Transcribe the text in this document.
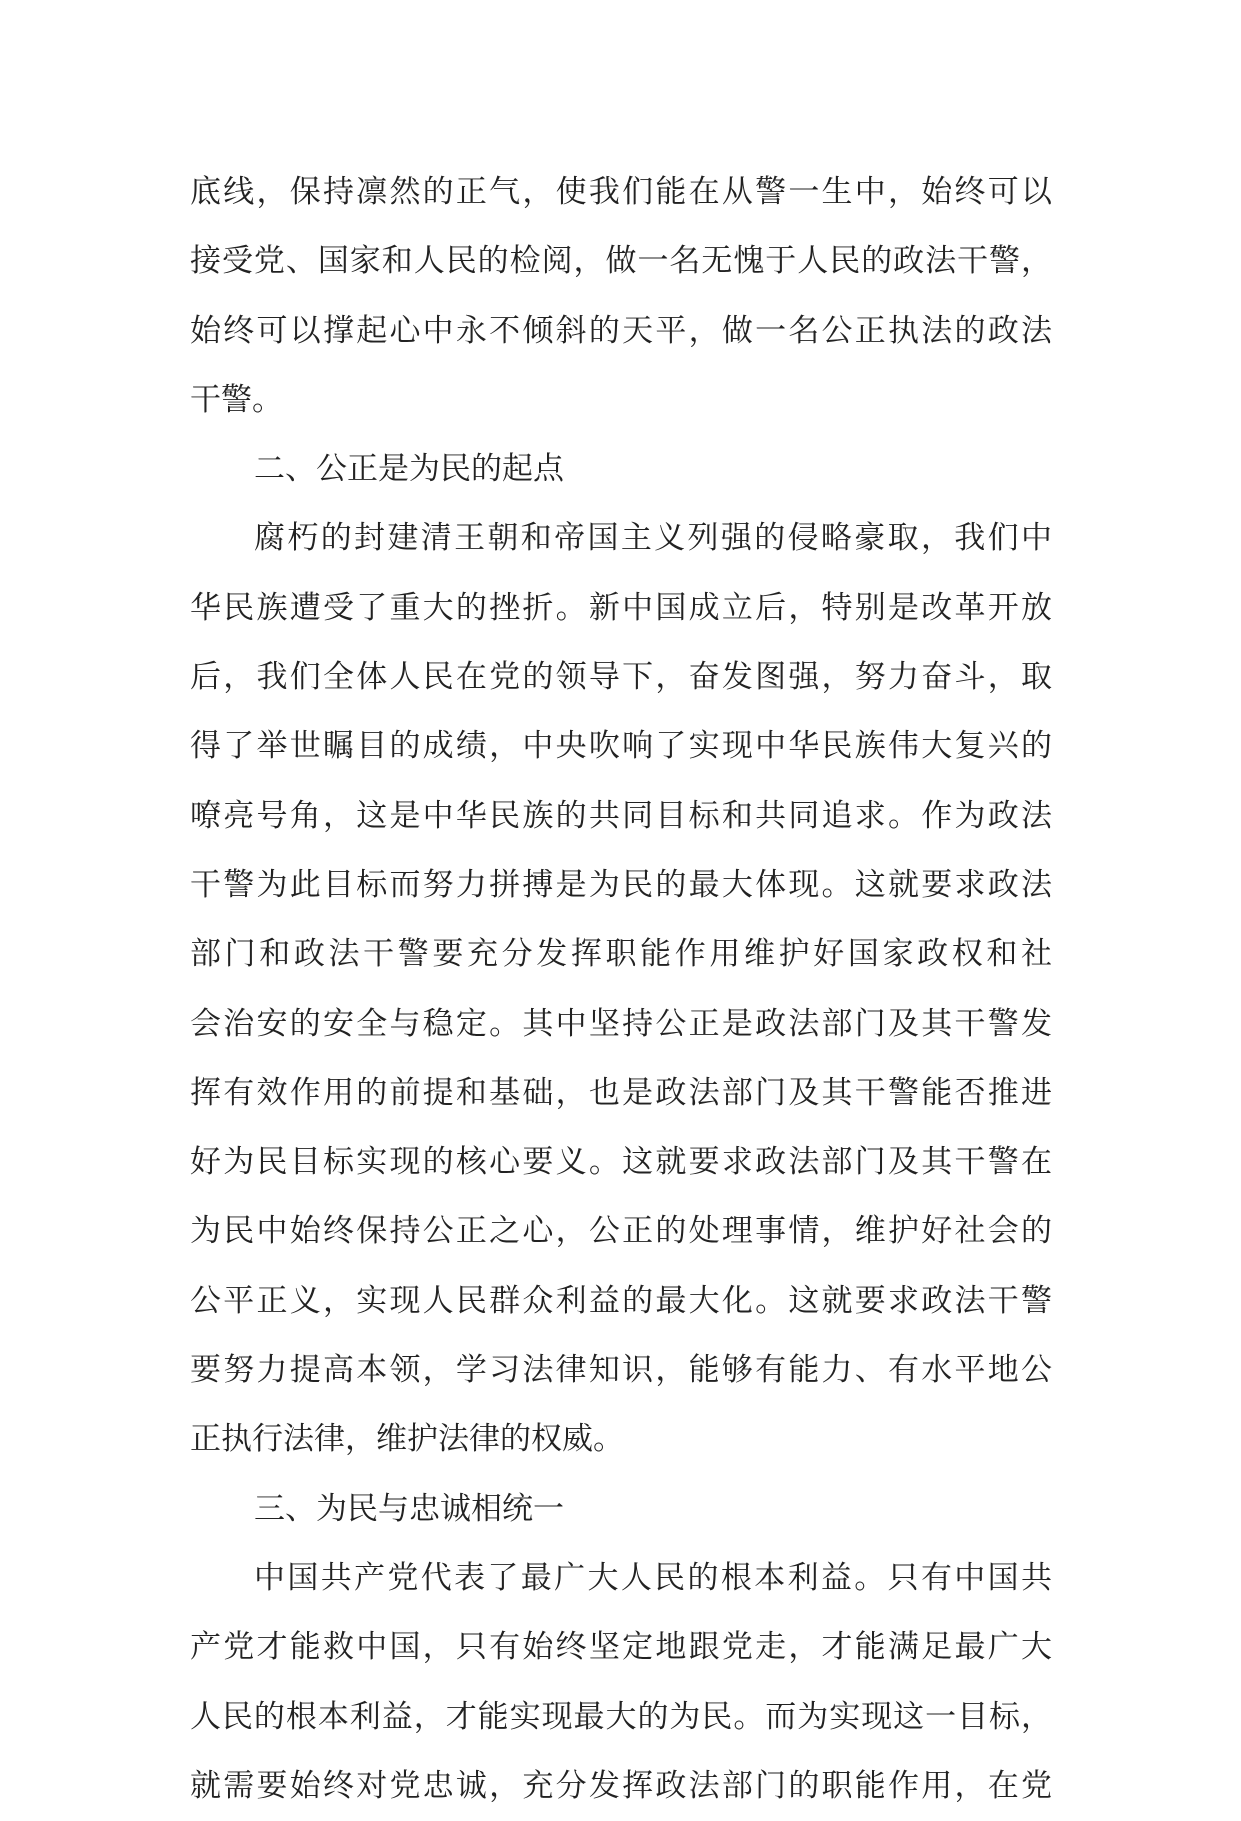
底线，保持凛然的正气，使我们能在从警一生中，始终可以
接受党、国家和人民的检阅，做一名无愧于人民的政法干警，
始终可以撑起心中永不倾斜的天平，做一名公正执法的政法
干警。
二、公正是为民的起点
腐朽的封建清王朝和帝国主义列强的侵略豪取，我们中
华民族遭受了重大的挫折。新中国成立后，特别是改革开放
后，我们全体人民在党的领导下，奋发图强，努力奋斗，取
得了举世瞩目的成绩，中央吹响了实现中华民族伟大复兴的
嘹亮号角，这是中华民族的共同目标和共同追求。作为政法
干警为此目标而努力拼搏是为民的最大体现。这就要求政法
部门和政法干警要充分发挥职能作用维护好国家政权和社
会治安的安全与稳定。其中坚持公正是政法部门及其干警发
挥有效作用的前提和基础，也是政法部门及其干警能否推进
好为民目标实现的核心要义。这就要求政法部门及其干警在
为民中始终保持公正之心，公正的处理事情，维护好社会的
公平正义，实现人民群众利益的最大化。这就要求政法干警
要努力提高本领，学习法律知识，能够有能力、有水平地公
正执行法律，维护法律的权威。
三、为民与忠诚相统一
中国共产党代表了最广大人民的根本利益。只有中国共
产党才能救中国，只有始终坚定地跟党走，才能满足最广大
人民的根本利益，才能实现最大的为民。而为实现这一目标，
就需要始终对党忠诚，充分发挥政法部门的职能作用，在党
